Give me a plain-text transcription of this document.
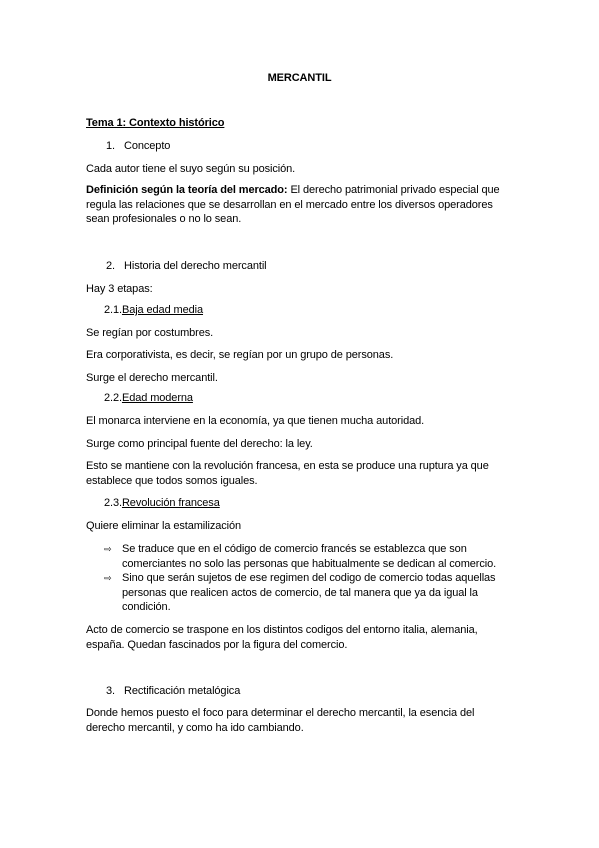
MERCANTIL
Tema 1: Contexto histórico
1. Concepto
Cada autor tiene el suyo según su posición.
Definición según la teoría del mercado: El derecho patrimonial privado especial que regula las relaciones que se desarrollan en el mercado entre los diversos operadores sean profesionales o no lo sean.
2. Historia del derecho mercantil
Hay 3 etapas:
2.1.Baja edad media
Se regían por costumbres.
Era corporativista, es decir, se regían por un grupo de personas.
Surge el derecho mercantil.
2.2.Edad moderna
El monarca interviene en la economía, ya que tienen mucha autoridad.
Surge como principal fuente del derecho: la ley.
Esto se mantiene con la revolución francesa, en esta se produce una ruptura ya que establece que todos somos iguales.
2.3.Revolución francesa
Quiere eliminar la estamilización
⇨ Se traduce que en el código de comercio francés se establezca que son comerciantes no solo las personas que habitualmente se dedican al comercio.
⇨ Sino que serán sujetos de ese regimen del codigo de comercio todas aquellas personas que realicen actos de comercio, de tal manera que ya da igual la condición.
Acto de comercio se traspone en los distintos codigos del entorno italia, alemania, españa. Quedan fascinados por la figura del comercio.
3. Rectificación metalógica
Donde hemos puesto el foco para determinar el derecho mercantil, la esencia del derecho mercantil, y como ha ido cambiando.
